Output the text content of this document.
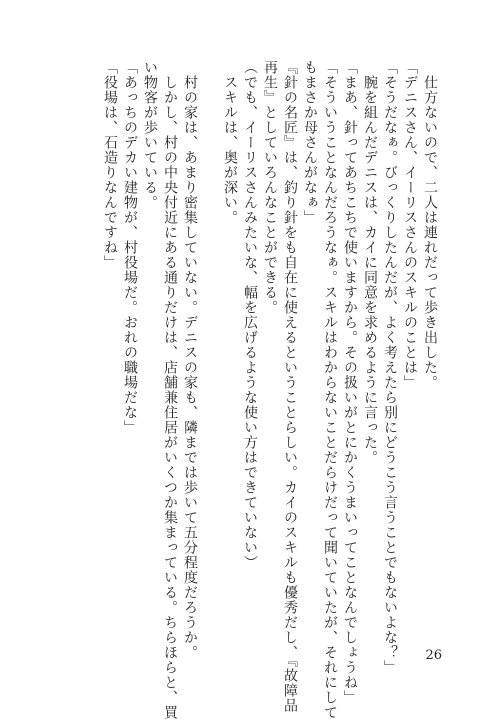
　仕方ないので、二人は連れだって歩き出した。
「デニスさん、イーリスさんのスキルのことは」
「そうだなぁ。びっくりしたんだが、よく考えたら別にどうこう言うことでもないよな？」
　腕を組んだデニスは、カイに同意を求めるように言った。
「まあ、針ってあちこちで使いますから。その扱いがとにかくうまいってことなんでしょうね」
「そういうことなんだろうなぁ。スキルはわからないことだらけだって聞いていたが、それにして
もまさか母さんがなぁ」
『針の名匠』は、釣り針をも自在に使えるということらしい。カイのスキルも優秀だし、『故障品
再生』としていろんなことができる。
（でも、イーリスさんみたいな、幅を広げるような使い方はできていない）
　スキルは、奥が深い。
　村の家は、あまり密集していない。デニスの家も、隣までは歩いて五分程度だろうか。
　しかし、村の中央付近にある通りだけは、店舗兼住居がいくつか集まっている。ちらほらと、買
い物客が歩いている。
「あっちのデカい建物が、村役場だ。おれの職場だな」
「役場は、石造りなんですね」
26
